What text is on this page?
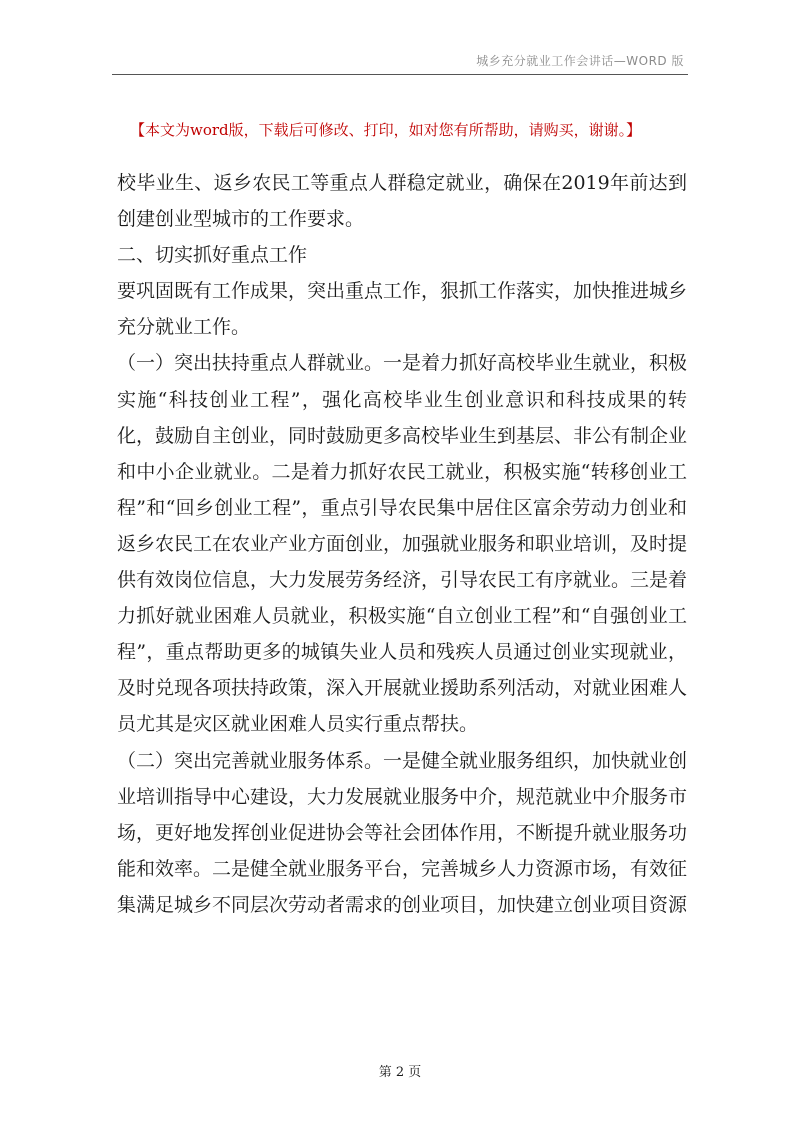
城乡充分就业工作会讲话—WORD 版
【本文为word版，下载后可修改、打印，如对您有所帮助，请购买，谢谢。】

校毕业生、返乡农民工等重点人群稳定就业，确保在2019年前达到创建创业型城市的工作要求。

二、切实抓好重点工作

要巩固既有工作成果，突出重点工作，狠抓工作落实，加快推进城乡充分就业工作。

（一）突出扶持重点人群就业。一是着力抓好高校毕业生就业，积极实施“科技创业工程”，强化高校毕业生创业意识和科技成果的转化，鼓励自主创业，同时鼓励更多高校毕业生到基层、非公有制企业和中小企业就业。二是着力抓好农民工就业，积极实施“转移创业工程”和“回乡创业工程”，重点引导农民集中居住区富余劳动力创业和返乡农民工在农业产业方面创业，加强就业服务和职业培训，及时提供有效岗位信息，大力发展劳务经济，引导农民工有序就业。三是着力抓好就业困难人员就业，积极实施“自立创业工程”和“自强创业工程”，重点帮助更多的城镇失业人员和残疾人员通过创业实现就业，及时兑现各项扶持政策，深入开展就业援助系列活动，对就业困难人员尤其是灾区就业困难人员实行重点帮扶。

（二）突出完善就业服务体系。一是健全就业服务组织，加快就业创业培训指导中心建设，大力发展就业服务中介，规范就业中介服务市场，更好地发挥创业促进协会等社会团体作用，不断提升就业服务功能和效率。二是健全就业服务平台，完善城乡人力资源市场，有效征集满足城乡不同层次劳动者需求的创业项目，加快建立创业项目资源

第 2 页
